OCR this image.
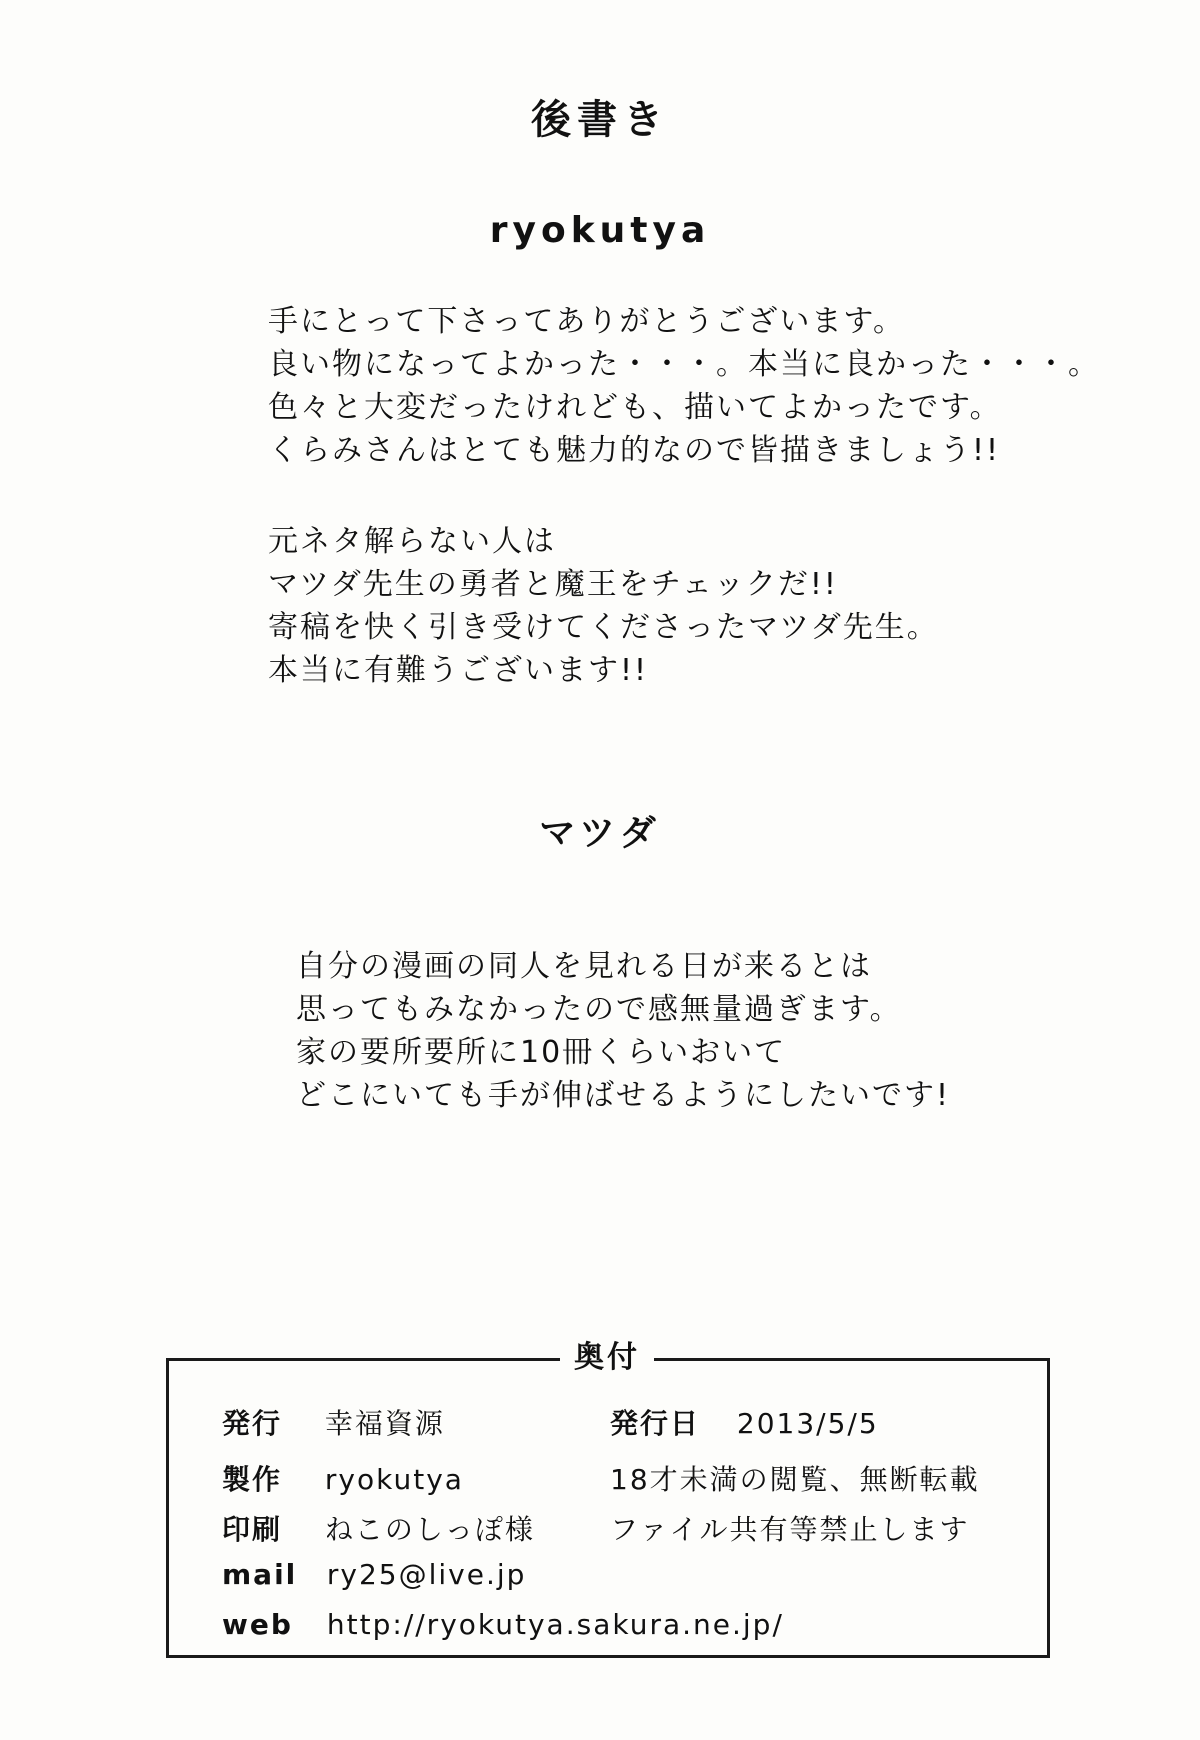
後書き
ryokutya
手にとって下さってありがとうございます。
良い物になってよかった・・・。本当に良かった・・・。
色々と大変だったけれども、描いてよかったです。
くらみさんはとても魅力的なので皆描きましょう!!
元ネタ解らない人は
マツダ先生の勇者と魔王をチェックだ!!
寄稿を快く引き受けてくださったマツダ先生。
本当に有難うございます!!
マツダ
自分の漫画の同人を見れる日が来るとは
思ってもみなかったので感無量過ぎます。
家の要所要所に10冊くらいおいて
どこにいても手が伸ばせるようにしたいです!
奥付
発行 幸福資源
製作 ryokutya
印刷 ねこのしっぽ様
mail ry25@live.jp
web http://ryokutya.sakura.ne.jp/
発行日 2013/5/5
18才未満の閲覧、無断転載
ファイル共有等禁止します
